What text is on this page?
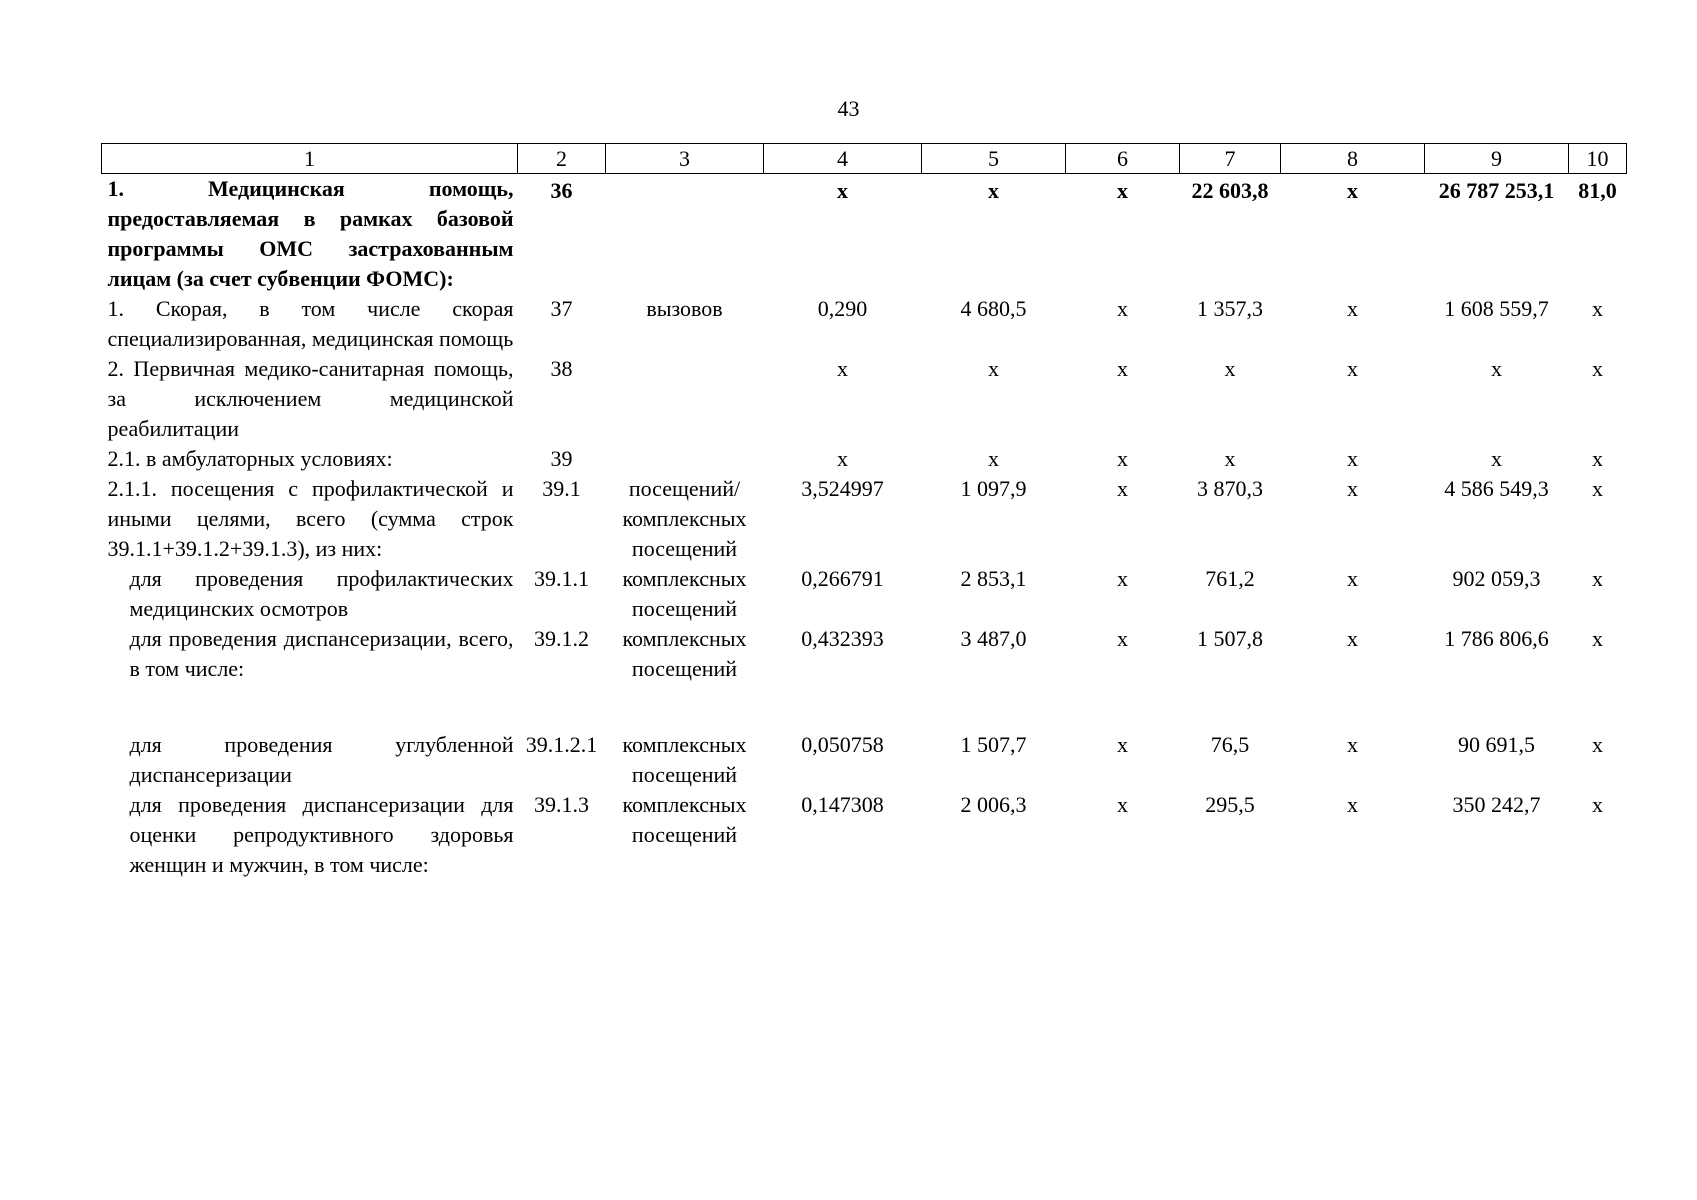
43
1	2	3	4	5	6	7	8	9	10
1. Медицинская помощь, предоставляемая в рамках базовой программы ОМС застрахованным лицам (за счет субвенции ФОМС):	36		х	х	х	22 603,8	х	26 787 253,1	81,0
1. Скорая, в том числе скорая специализированная, медицинская помощь	37	вызовов	0,290	4 680,5	х	1 357,3	х	1 608 559,7	х
2. Первичная медико-санитарная помощь, за исключением медицинской реабилитации	38		х	х	х	х	х	х	х
2.1. в амбулаторных условиях:	39		х	х	х	х	х	х	х
2.1.1. посещения с профилактической и иными целями, всего (сумма строк 39.1.1+39.1.2+39.1.3), из них:	39.1	посещений/ комплексных посещений	3,524997	1 097,9	х	3 870,3	х	4 586 549,3	х
для проведения профилактических медицинских осмотров	39.1.1	комплексных посещений	0,266791	2 853,1	х	761,2	х	902 059,3	х
для проведения диспансеризации, всего, в том числе:	39.1.2	комплексных посещений	0,432393	3 487,0	х	1 507,8	х	1 786 806,6	х
для проведения углубленной диспансеризации	39.1.2.1	комплексных посещений	0,050758	1 507,7	х	76,5	х	90 691,5	х
для проведения диспансеризации для оценки репродуктивного здоровья женщин и мужчин, в том числе:	39.1.3	комплексных посещений	0,147308	2 006,3	х	295,5	х	350 242,7	х
